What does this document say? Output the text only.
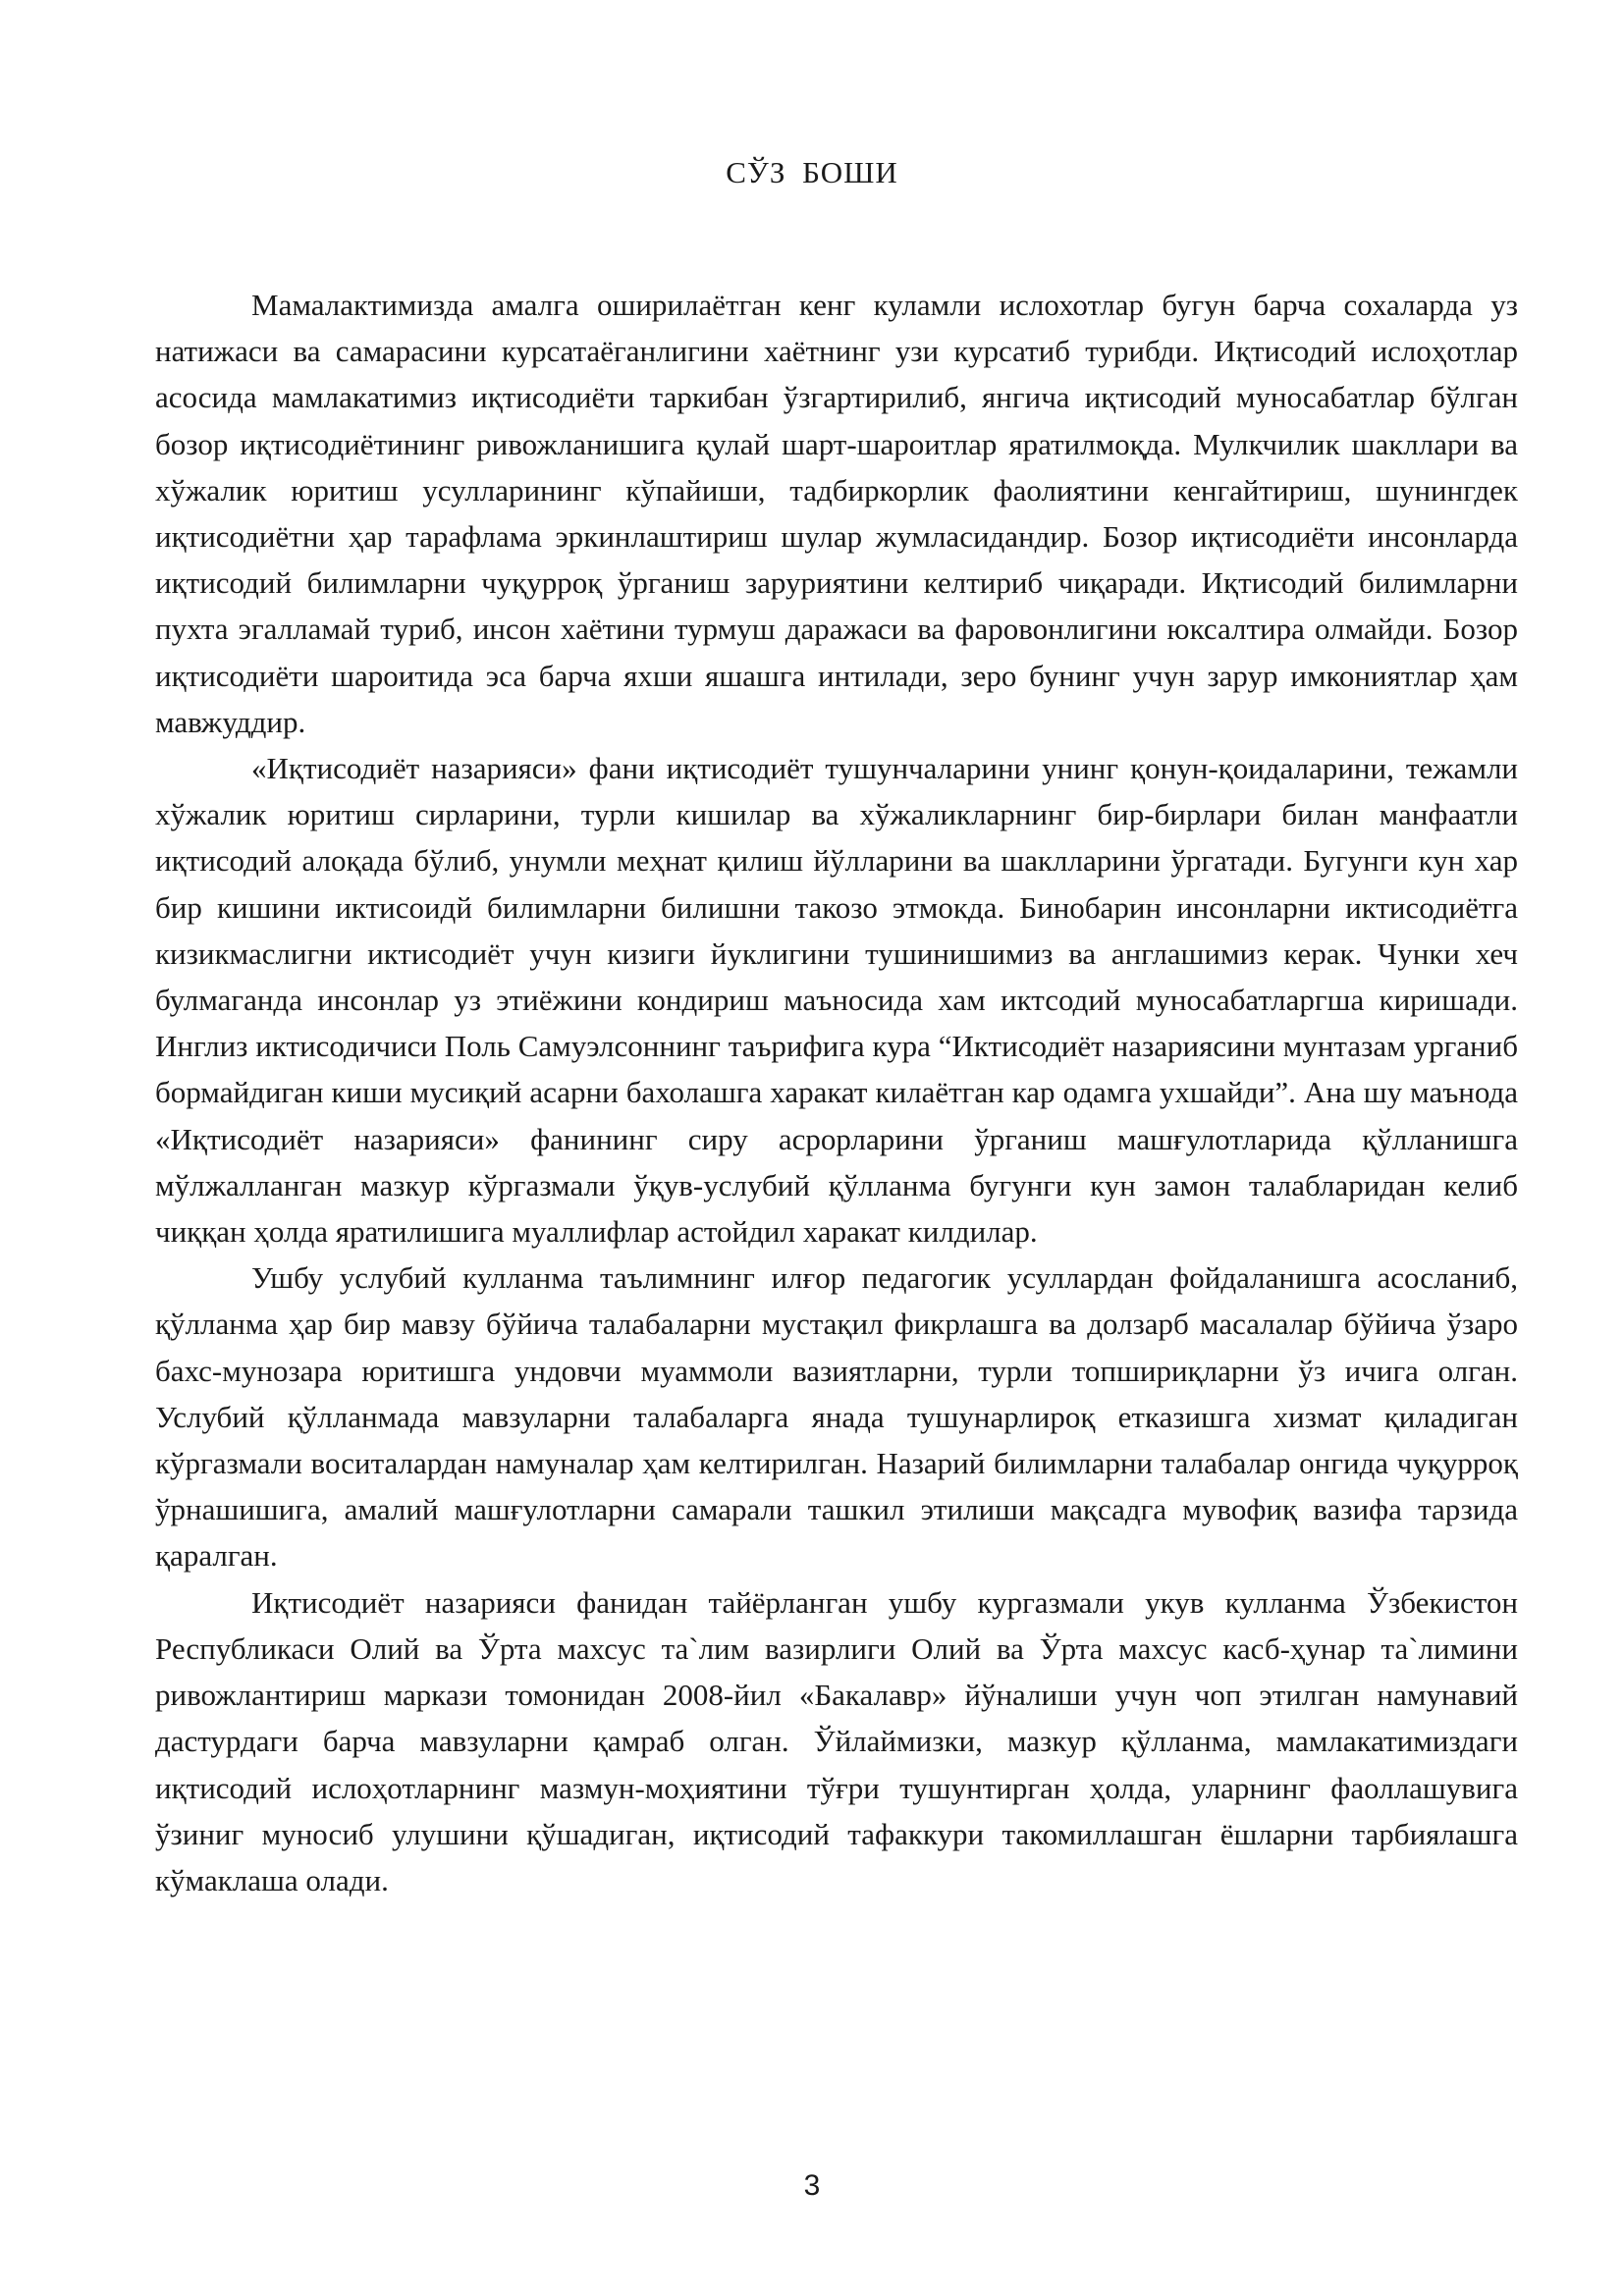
СЎЗ БОШИ

Мамалактимизда амалга оширилаётган кенг куламли ислохотлар бугун барча сохаларда уз натижаси ва самарасини курсатаёганлигини хаётнинг узи курсатиб турибди. Иқтисодий ислоҳотлар асосида мамлакатимиз иқтисодиёти таркибан ўзгартирилиб, янгича иқтисодий муносабатлар бўлган бозор иқтисодиётининг ривожланишига қулай шарт-шароитлар яратилмоқда. Мулкчилик шакллари ва хўжалик юритиш усулларининг кўпайиши, тадбиркорлик фаолиятини кенгайтириш, шунингдек иқтисодиётни ҳар тарафлама эркинлаштириш шулар жумласидандир. Бозор иқтисодиёти инсонларда иқтисодий билимларни чуқурроқ ўрганиш заруриятини келтириб чиқаради. Иқтисодий билимларни пухта эгалламай туриб, инсон хаётини турмуш даражаси ва фаровонлигини юксалтира олмайди. Бозор иқтисодиёти шароитида эса барча яхши яшашга интилади, зеро бунинг учун зарур имкониятлар ҳам мавжуддир.

«Иқтисодиёт назарияси» фани иқтисодиёт тушунчаларини унинг қонун-қоидаларини, тежамли хўжалик юритиш сирларини, турли кишилар ва хўжаликларнинг бир-бирлари билан манфаатли иқтисодий алоқада бўлиб, унумли меҳнат қилиш йўлларини ва шаклларини ўргатади. Бугунги кун хар бир кишини иктисоидй билимларни билишни такозо этмокда. Бинобарин инсонларни иктисодиётга кизикмаслигни иктисодиёт учун кизиги йуклигини тушинишимиз ва англашимиз керак. Чунки хеч булмаганда инсонлар уз этиёжини кондириш маъносида хам иктсодий муносабатларгша киришади. Инглиз иктисодичиси Поль Самуэлсоннинг таърифига кура “Иктисодиёт назариясини мунтазам урганиб бормайдиган киши мусиқий асарни бахолашга харакат килаётган кар одамга ухшайди”. Ана шу маънода «Иқтисодиёт назарияси» фанининг сиру асрорларини ўрганиш машғулотларида қўлланишга мўлжалланган мазкур кўргазмали ўқув-услубий қўлланма бугунги кун замон талабларидан келиб чиққан ҳолда яратилишига муаллифлар астойдил харакат килдилар.

Ушбу услубий кулланма таълимнинг илғор педагогик усуллардан фойдаланишга асосланиб, қўлланма ҳар бир мавзу бўйича талабаларни мустақил фикрлашга ва долзарб масалалар бўйича ўзаро бахс-мунозара юритишга ундовчи муаммоли вазиятларни, турли топшириқларни ўз ичига олган. Услубий қўлланмада мавзуларни талабаларга янада тушунарлироқ етказишга хизмат қиладиган кўргазмали воситалардан намуналар ҳам келтирилган. Назарий билимларни талабалар онгида чуқурроқ ўрнашишига, амалий машғулотларни самарали ташкил этилиши мақсадга мувофиқ вазифа тарзида қаралган.

Иқтисодиёт назарияси фанидан тайёрланган ушбу кургазмали укув кулланма Ўзбекистон Республикаси Олий ва Ўрта махсус та`лим вазирлиги Олий ва Ўрта махсус касб-ҳунар та`лимини ривожлантириш маркази томонидан 2008-йил «Бакалавр» йўналиши учун чоп этилган намунавий дастурдаги барча мавзуларни қамраб олган. Ўйлаймизки, мазкур қўлланма, мамлакатимиздаги иқтисодий ислоҳотларнинг мазмун-моҳиятини тўғри тушунтирган ҳолда, уларнинг фаоллашувига ўзиниг муносиб улушини қўшадиган, иқтисодий тафаккури такомиллашган ёшларни тарбиялашга кўмаклаша олади.

3
